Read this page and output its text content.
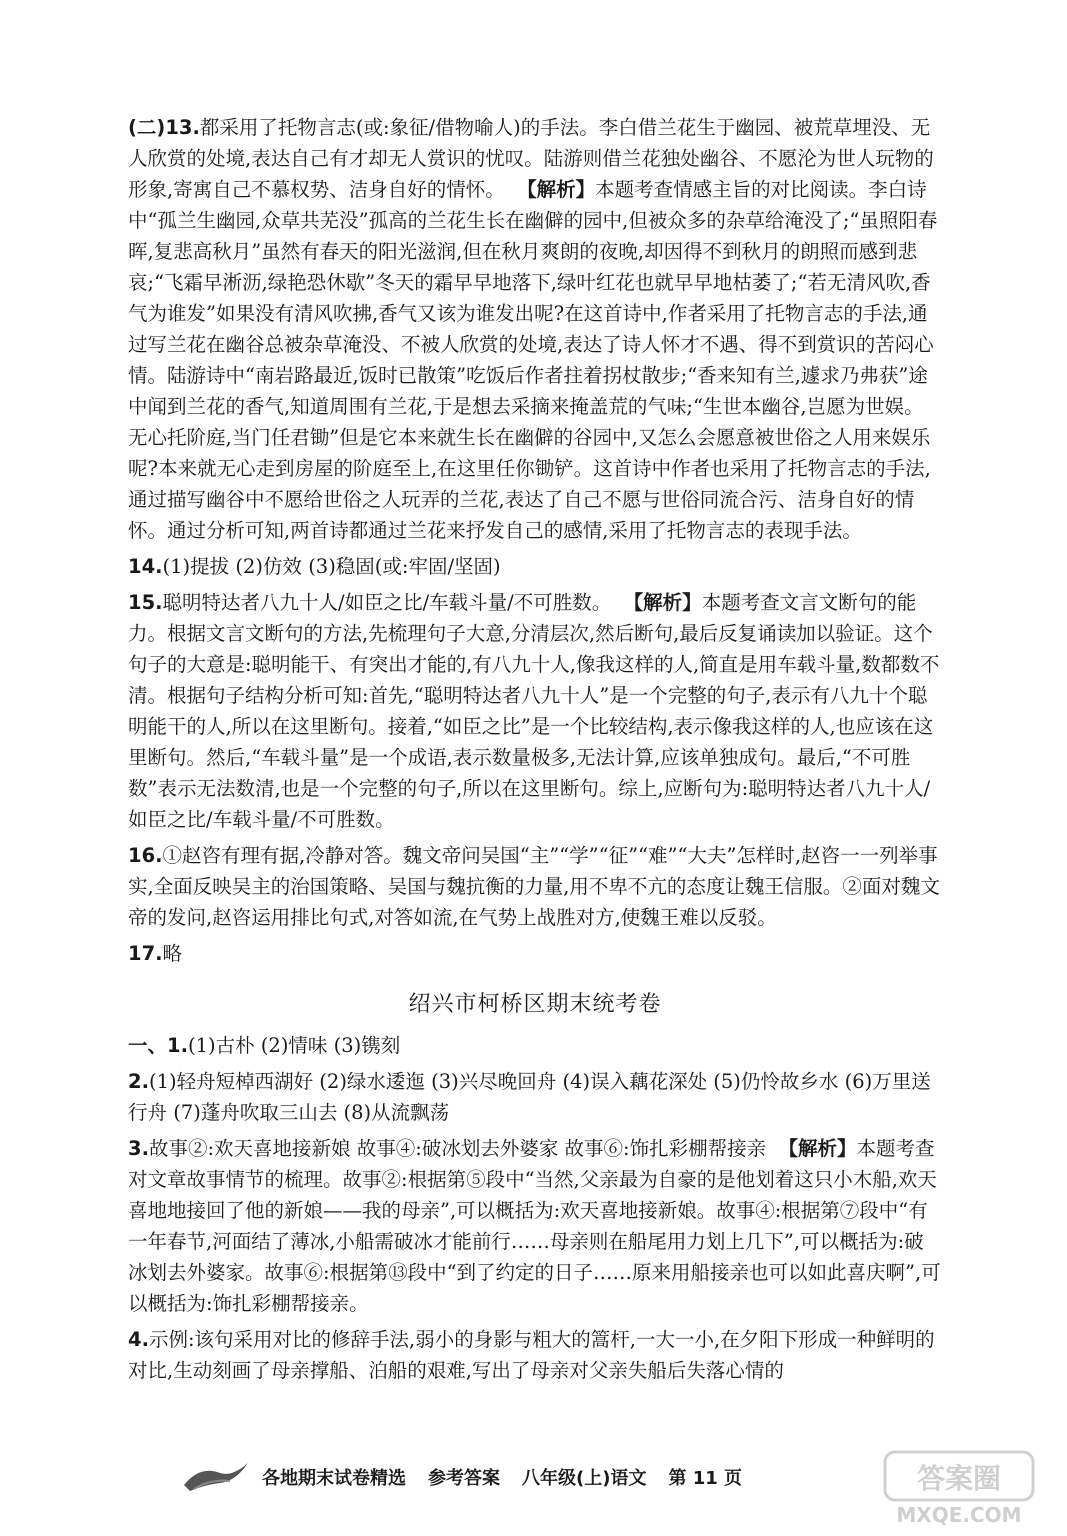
(二)13.都采用了托物言志(或:象征/借物喻人)的手法。李白借兰花生于幽园、被荒草埋没、无人欣赏的处境,表达自己有才却无人赏识的忧叹。陆游则借兰花独处幽谷、不愿沦为世人玩物的形象,寄寓自己不慕权势、洁身自好的情怀。 【解析】本题考查情感主旨的对比阅读。李白诗中“孤兰生幽园,众草共芜没”孤高的兰花生长在幽僻的园中,但被众多的杂草给淹没了;“虽照阳春晖,复悲高秋月”虽然有春天的阳光滋润,但在秋月爽朗的夜晚,却因得不到秋月的朗照而感到悲哀;“飞霜早淅沥,绿艳恐休歇”冬天的霜早早地落下,绿叶红花也就早早地枯萎了;“若无清风吹,香气为谁发”如果没有清风吹拂,香气又该为谁发出呢?在这首诗中,作者采用了托物言志的手法,通过写兰花在幽谷总被杂草淹没、不被人欣赏的处境,表达了诗人怀才不遇、得不到赏识的苦闷心情。陆游诗中“南岩路最近,饭时已散策”吃饭后作者拄着拐杖散步;“香来知有兰,遽求乃弗获”途中闻到兰花的香气,知道周围有兰花,于是想去采摘来掩盖荒的气味;“生世本幽谷,岂愿为世娱。无心托阶庭,当门任君锄”但是它本来就生长在幽僻的谷园中,又怎么会愿意被世俗之人用来娱乐呢?本来就无心走到房屋的阶庭至上,在这里任你锄铲。这首诗中作者也采用了托物言志的手法,通过描写幽谷中不愿给世俗之人玩弄的兰花,表达了自己不愿与世俗同流合污、洁身自好的情怀。通过分析可知,两首诗都通过兰花来抒发自己的感情,采用了托物言志的表现手法。

14.(1)提拔 (2)仿效 (3)稳固(或:牢固/坚固)

15.聪明特达者八九十人/如臣之比/车载斗量/不可胜数。 【解析】本题考查文言文断句的能力。根据文言文断句的方法,先梳理句子大意,分清层次,然后断句,最后反复诵读加以验证。这个句子的大意是:聪明能干、有突出才能的,有八九十人,像我这样的人,简直是用车载斗量,数都数不清。根据句子结构分析可知:首先,“聪明特达者八九十人”是一个完整的句子,表示有八九十个聪明能干的人,所以在这里断句。接着,“如臣之比”是一个比较结构,表示像我这样的人,也应该在这里断句。然后,“车载斗量”是一个成语,表示数量极多,无法计算,应该单独成句。最后,“不可胜数”表示无法数清,也是一个完整的句子,所以在这里断句。综上,应断句为:聪明特达者八九十人/如臣之比/车载斗量/不可胜数。

16.①赵咨有理有据,冷静对答。魏文帝问吴国“主”“学”“征”“难”“大夫”怎样时,赵咨一一列举事实,全面反映吴主的治国策略、吴国与魏抗衡的力量,用不卑不亢的态度让魏王信服。②面对魏文帝的发问,赵咨运用排比句式,对答如流,在气势上战胜对方,使魏王难以反驳。

17.略

绍兴市柯桥区期末统考卷

一、1.(1)古朴 (2)情味 (3)镌刻

2.(1)轻舟短棹西湖好 (2)绿水逶迤 (3)兴尽晚回舟 (4)误入藕花深处 (5)仍怜故乡水 (6)万里送行舟 (7)蓬舟吹取三山去 (8)从流飘荡

3.故事②:欢天喜地接新娘 故事④:破冰划去外婆家 故事⑥:饰扎彩棚帮接亲 【解析】本题考查对文章故事情节的梳理。故事②:根据第⑤段中“当然,父亲最为自豪的是他划着这只小木船,欢天喜地地接回了他的新娘——我的母亲”,可以概括为:欢天喜地接新娘。故事④:根据第⑦段中“有一年春节,河面结了薄冰,小船需破冰才能前行……母亲则在船尾用力划上几下”,可以概括为:破冰划去外婆家。故事⑥:根据第⑬段中“到了约定的日子……原来用船接亲也可以如此喜庆啊”,可以概括为:饰扎彩棚帮接亲。

4.示例:该句采用对比的修辞手法,弱小的身影与粗大的篙杆,一大一小,在夕阳下形成一种鲜明的对比,生动刻画了母亲撑船、泊船的艰难,写出了母亲对父亲失船后失落心情的

各地期末试卷精选 参考答案 八年级(上)语文 第 11 页	答案圈
MXQE.COM
